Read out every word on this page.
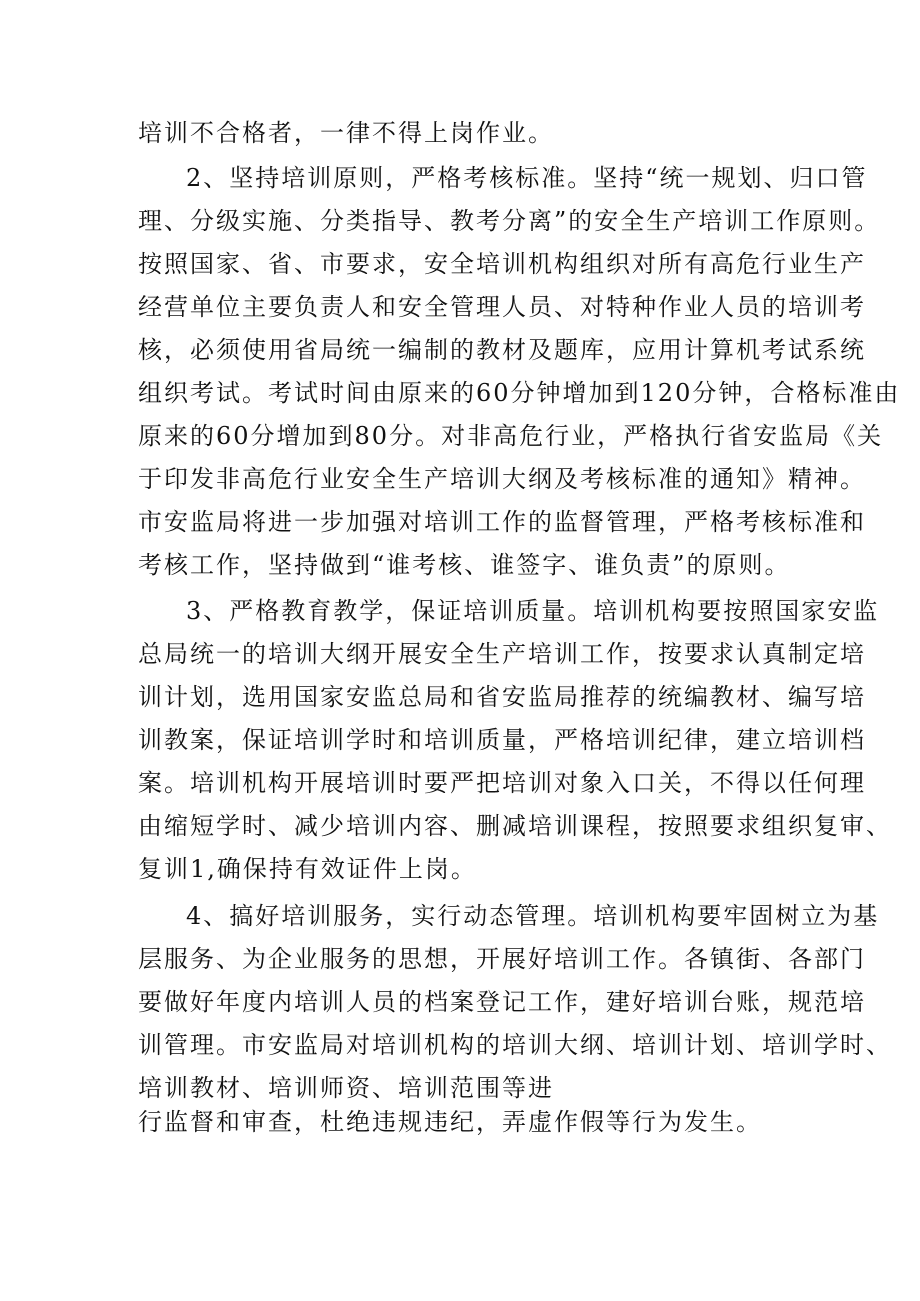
培训不合格者，一律不得上岗作业。
2、坚持培训原则，严格考核标准。坚持“统一规划、归口管
理、分级实施、分类指导、教考分离”的安全生产培训工作原则。
按照国家、省、市要求，安全培训机构组织对所有高危行业生产
经营单位主要负责人和安全管理人员、对特种作业人员的培训考
核，必须使用省局统一编制的教材及题库，应用计算机考试系统
组织考试。考试时间由原来的60分钟增加到120分钟，合格标准由
原来的60分增加到80分。对非高危行业，严格执行省安监局《关
于印发非高危行业安全生产培训大纲及考核标准的通知》精神。
市安监局将进一步加强对培训工作的监督管理，严格考核标准和
考核工作，坚持做到“谁考核、谁签字、谁负责”的原则。
3、严格教育教学，保证培训质量。培训机构要按照国家安监
总局统一的培训大纲开展安全生产培训工作，按要求认真制定培
训计划，选用国家安监总局和省安监局推荐的统编教材、编写培
训教案，保证培训学时和培训质量，严格培训纪律，建立培训档
案。培训机构开展培训时要严把培训对象入口关，不得以任何理
由缩短学时、减少培训内容、删减培训课程，按照要求组织复审、
复训1,确保持有效证件上岗。
4、搞好培训服务，实行动态管理。培训机构要牢固树立为基
层服务、为企业服务的思想，开展好培训工作。各镇街、各部门
要做好年度内培训人员的档案登记工作，建好培训台账，规范培
训管理。市安监局对培训机构的培训大纲、培训计划、培训学时、
培训教材、培训师资、培训范围等进
行监督和审查，杜绝违规违纪，弄虚作假等行为发生。
